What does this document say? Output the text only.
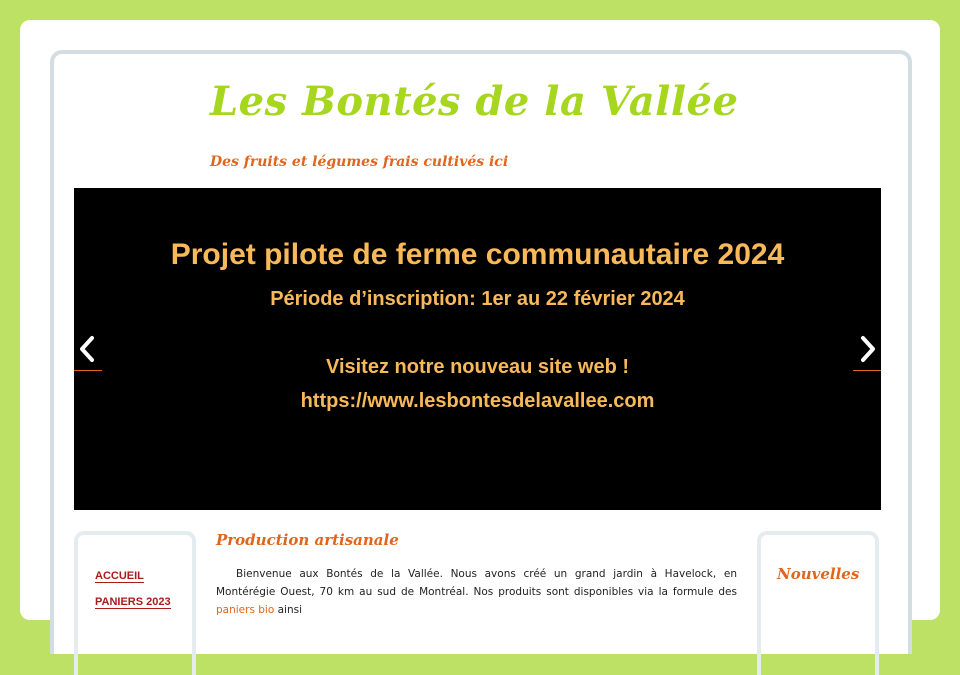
Les Bontés de la Vallée
Des fruits et légumes frais cultivés ici
Projet pilote de ferme communautaire 2024
Période d’inscription: 1er au 22 février 2024
Visitez notre nouveau site web !
https://www.lesbontesdelavallee.com
ACCUEIL
PANIERS 2023
Production artisanale

Bienvenue aux Bontés de la Vallée. Nous avons créé un grand jardin à Havelock, en Montérégie Ouest, 70 km au sud de Montréal. Nos produits sont disponibles via la formule des paniers bio ainsi

Nouvelles
